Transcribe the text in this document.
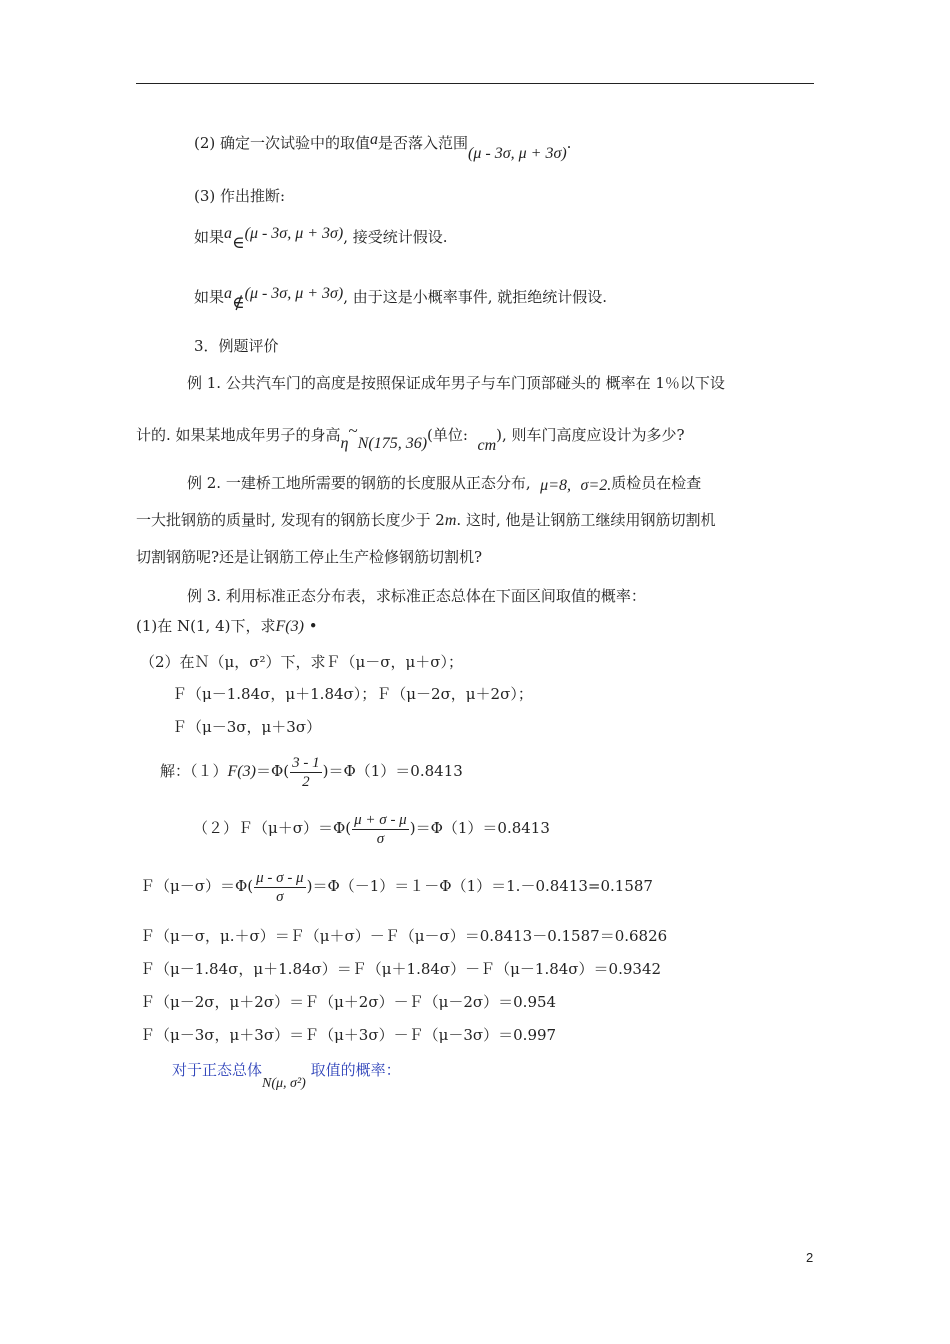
(2) 确定一次试验中的取值a是否落入范围(μ - 3σ, μ + 3σ).
(3) 作出推断:
如果a∈(μ - 3σ, μ + 3σ), 接受统计假设.
如果a∉(μ - 3σ, μ + 3σ), 由于这是小概率事件, 就拒绝统计假设.
3．例题评价
例 1. 公共汽车门的高度是按照保证成年男子与车门顶部碰头的 概率在 1％以下设
计的. 如果某地成年男子的身高η~N(175, 36)(单位:  cm), 则车门高度应设计为多少?
例 2. 一建桥工地所需要的钢筋的长度服从正态分布, μ=8, σ=2.质检员在检查
一大批钢筋的质量时, 发现有的钢筋长度少于 2m. 这时, 他是让钢筋工继续用钢筋切割机
切割钢筋呢?还是让钢筋工停止生产检修钢筋切割机?
例 3. 利用标准正态分布表，求标准正态总体在下面区间取值的概率：
(1)在 N(1, 4)下，求F(3) •
（2）在Ｎ（μ，σ²）下，求Ｆ（μ－σ，μ＋σ）；
Ｆ（μ－1.84σ，μ＋1.84σ）；Ｆ（μ－2σ，μ＋2σ）；
Ｆ（μ－3σ，μ＋3σ）
解：$(1)F(3)=\Phi( \frac{3 - 1}{2} )=\Phi(1)=0.8413$
（２）Ｆ（μ＋σ）＝Φ( $\frac{\mu + \sigma - \mu}{\sigma} )=\Phi(1)=0.8413$
Ｆ（μ－σ）＝Φ( $\frac{\mu - \sigma - \mu}{\sigma} )=\Phi(-1)=1-\Phi(1)=1.-0.8413=0.1587$
Ｆ（μ－σ，μ.＋σ）＝Ｆ（μ＋σ）－Ｆ（μ－σ）＝0.8413－0.1587＝0.6826
Ｆ（μ－1.84σ，μ＋1.84σ）＝Ｆ（μ＋1.84σ）－Ｆ（μ－1.84σ）＝0.9342
Ｆ（μ－2σ，μ＋2σ）＝Ｆ（μ＋2σ）－Ｆ（μ－2σ）＝0.954
Ｆ（μ－3σ，μ＋3σ）＝Ｆ（μ＋3σ）－Ｆ（μ－3σ）＝0.997
对于正态总体N(μ, σ²) 取值的概率：
2
